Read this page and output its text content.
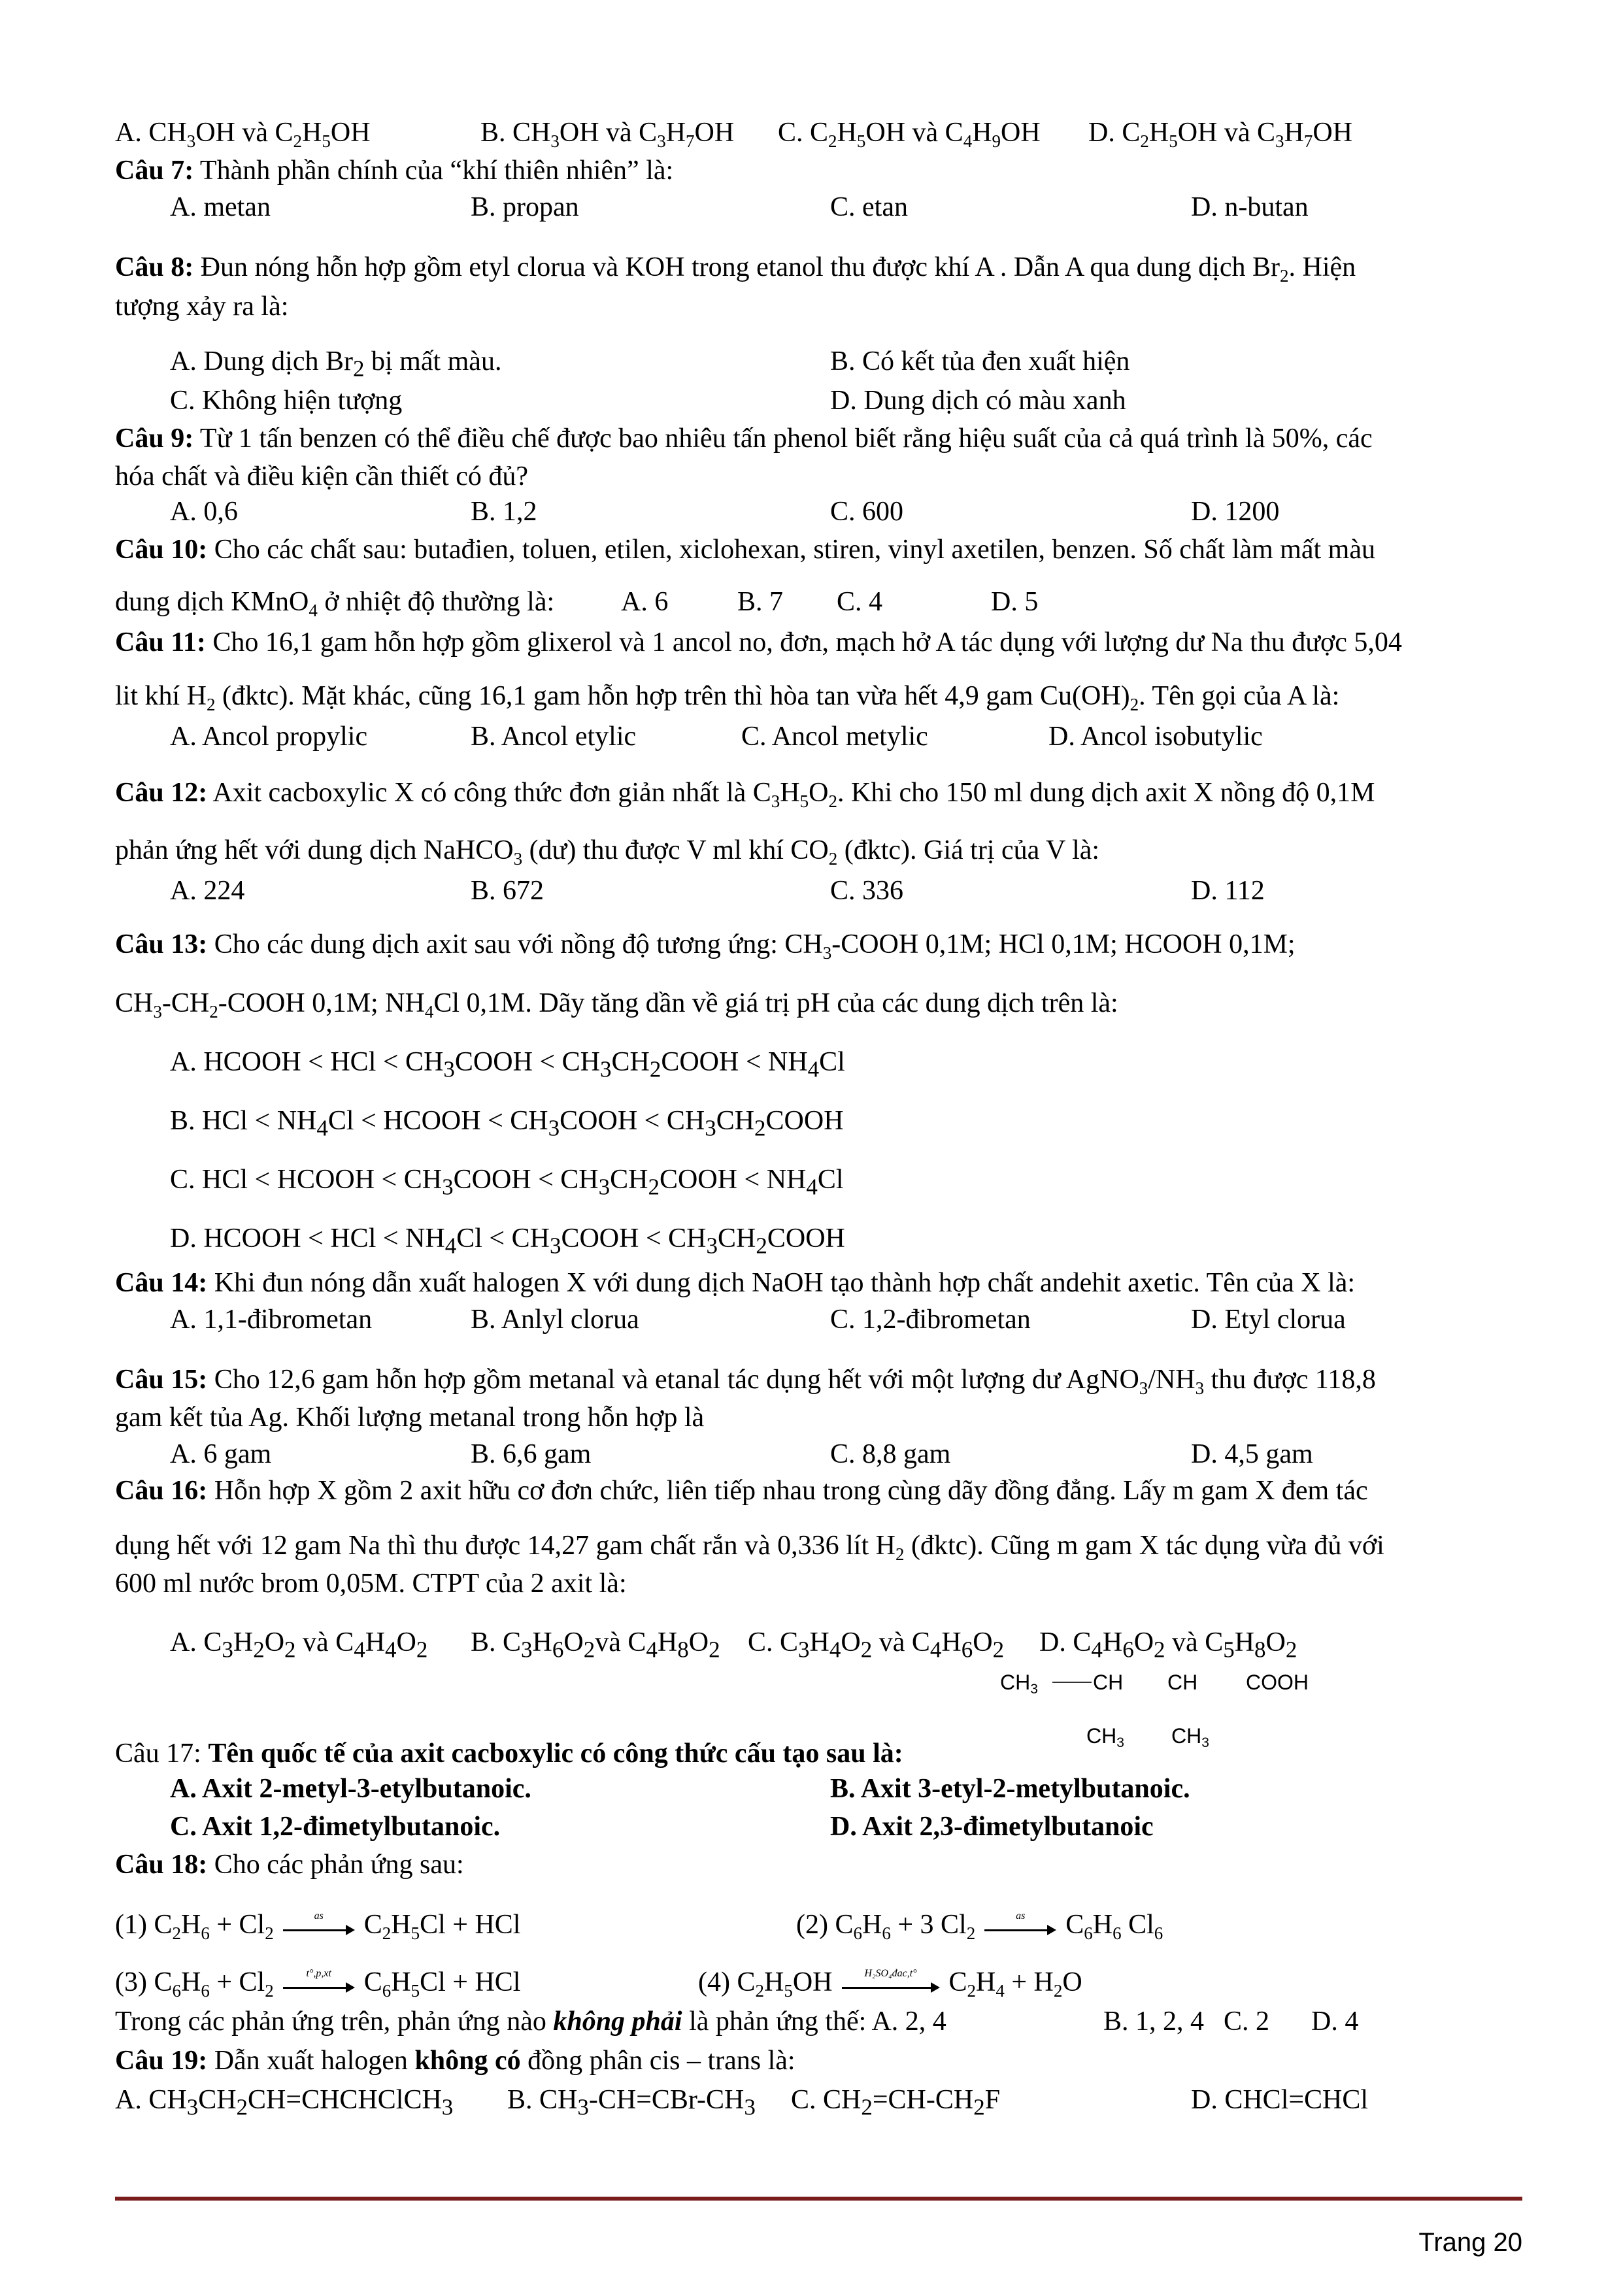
A. $CH_3OH$ và $C_2H_5OH$	B. $CH_3OH$ và $C_3H_7OH$ C. $C_2H_5OH$ và $C_4H_9OH$ D. $C_2H_5OH$ và $C_3H_7OH$
Câu 7: Thành phần chính của “khí thiên nhiên” là:
A. metan	B. propan	C. etan	D. n-butan
Câu 8: Đun nóng hỗn hợp gồm etyl clorua và KOH trong etanol thu được khí A . Dẫn A qua dung dịch $Br_2$. Hiện
tượng xảy ra là:
A. Dung dịch $Br_2$ bị mất màu.	B. Có kết tủa đen xuất hiện
C. Không hiện tượng	D. Dung dịch có màu xanh
Câu 9: Từ 1 tấn benzen có thể điều chế được bao nhiêu tấn phenol biết rằng hiệu suất của cả quá trình là 50%, các
hóa chất và điều kiện cần thiết có đủ?
A. 0,6	B. 1,2	C. 600	D. 1200
Câu 10: Cho các chất sau: butađien, toluen, etilen, xiclohexan, stiren, vinyl axetilen, benzen. Số chất làm mất màu
dung dịch KMnO$_4$ ở nhiệt độ thường là: A. 6	B. 7 C. 4	D. 5
Câu 11: Cho 16,1 gam hỗn hợp gồm glixerol và 1 ancol no, đơn, mạch hở A tác dụng với lượng dư Na thu được 5,04
lit khí $H_2$ (đktc). Mặt khác, cũng 16,1 gam hỗn hợp trên thì hòa tan vừa hết 4,9 gam $Cu(OH)_2$. Tên gọi của A là:
A. Ancol propylic	B. Ancol etylic	C. Ancol metylic	D. Ancol isobutylic
Câu 12: Axit cacboxylic X có công thức đơn giản nhất là $C_3H_5O_2$. Khi cho 150 ml dung dịch axit X nồng độ 0,1M
phản ứng hết với dung dịch NaHCO$_3$ (dư) thu được V ml khí $CO_2$ (đktc). Giá trị của V là:
A. 224	B. 672	C. 336	D. 112
Câu 13: Cho các dung dịch axit sau với nồng độ tương ứng: $CH_3$-COOH 0,1M; HCl 0,1M; HCOOH 0,1M;
$CH_3-CH_2$-COOH 0,1M; $NH_4Cl$ 0,1M. Dãy tăng dần về giá trị pH của các dung dịch trên là:
A. HCOOH < HCl < $CH_3COOH$ < $CH_3CH_2COOH < NH_4Cl$
B. HCl < $NH_4Cl$ < HCOOH < $CH_3COOH$ < $CH_3CH_2COOH$
C. HCl < HCOOH < $CH_3COOH$ < $CH_3CH_2COOH < NH_4Cl$
D. HCOOH < HCl < $NH_4Cl$ < $CH_3COOH$ < $CH_3CH_2COOH$
Câu 14: Khi đun nóng dẫn xuất halogen X với dung dịch NaOH tạo thành hợp chất andehit axetic. Tên của X là:
A. 1,1-đibrometan	B. Anlyl clorua	C. 1,2-đibrometan	D. Etyl clorua
Câu 15: Cho 12,6 gam hỗn hợp gồm metanal và etanal tác dụng hết với một lượng dư $AgNO_3/NH_3$ thu được 118,8
gam kết tủa Ag. Khối lượng metanal trong hỗn hợp là
A. 6 gam	B. 6,6 gam	C. 8,8 gam	D. 4,5 gam
Câu 16: Hỗn hợp X gồm 2 axit hữu cơ đơn chức, liên tiếp nhau trong cùng dãy đồng đẳng. Lấy m gam X đem tác
dụng hết với 12 gam Na thì thu được 14,27 gam chất rắn và 0,336 lít $H_2$ (đktc). Cũng m gam X tác dụng vừa đủ với
600 ml nước brom 0,05M. CTPT của 2 axit là:
A. $C_3H_2O_2$ và $C_4H_4O_2$ B. $C_3H_6O_2và$ $C_4H_8O_2$ C. $C_3H_4O_2$ và $C_4H_6O_2$ D. $C_4H_6O_2$ và $C_5H_8O_2$
$CH_3$	CH CH COOH
$CH_3$ $CH_3$
Câu 17: Tên quốc tế của axit cacboxylic có công thức cấu tạo sau là:
A. Axit 2-metyl-3-etylbutanoic.	B. Axit 3-etyl-2-metylbutanoic.
C. Axit 1,2-đimetylbutanoic.	D. Axit 2,3-đimetylbutanoic
Câu 18: Cho các phản ứng sau:
(1) $C_2H_6 + Cl_2$
as	$C_2H_5Cl$ + HCl	(2) $C_6H_6 + 3$ $Cl_2$
as	$C_6H_6$ $Cl_6$
(3) $C_6H_6 + Cl_2$
t°,p,xt	$C_6H_5Cl$ + HCl	(4) $C_2H_5OH$	H₂SO₄đac,t°	$C_2H_4 + H_2O$
Trong các phản ứng trên, phản ứng nào không phải là phản ứng thế: A. 2, 4	B. 1, 2, 4 C. 2 D. 4
Câu 19: Dẫn xuất halogen không có đồng phân cis – trans là:
A. $CH_3CH_2CH=CHCHClCH_3$ B. $CH_3-CH=CBr-CH_3$ C. $CH_2=CH-CH_2F$	D. CHCl=CHCl
Trang 20
